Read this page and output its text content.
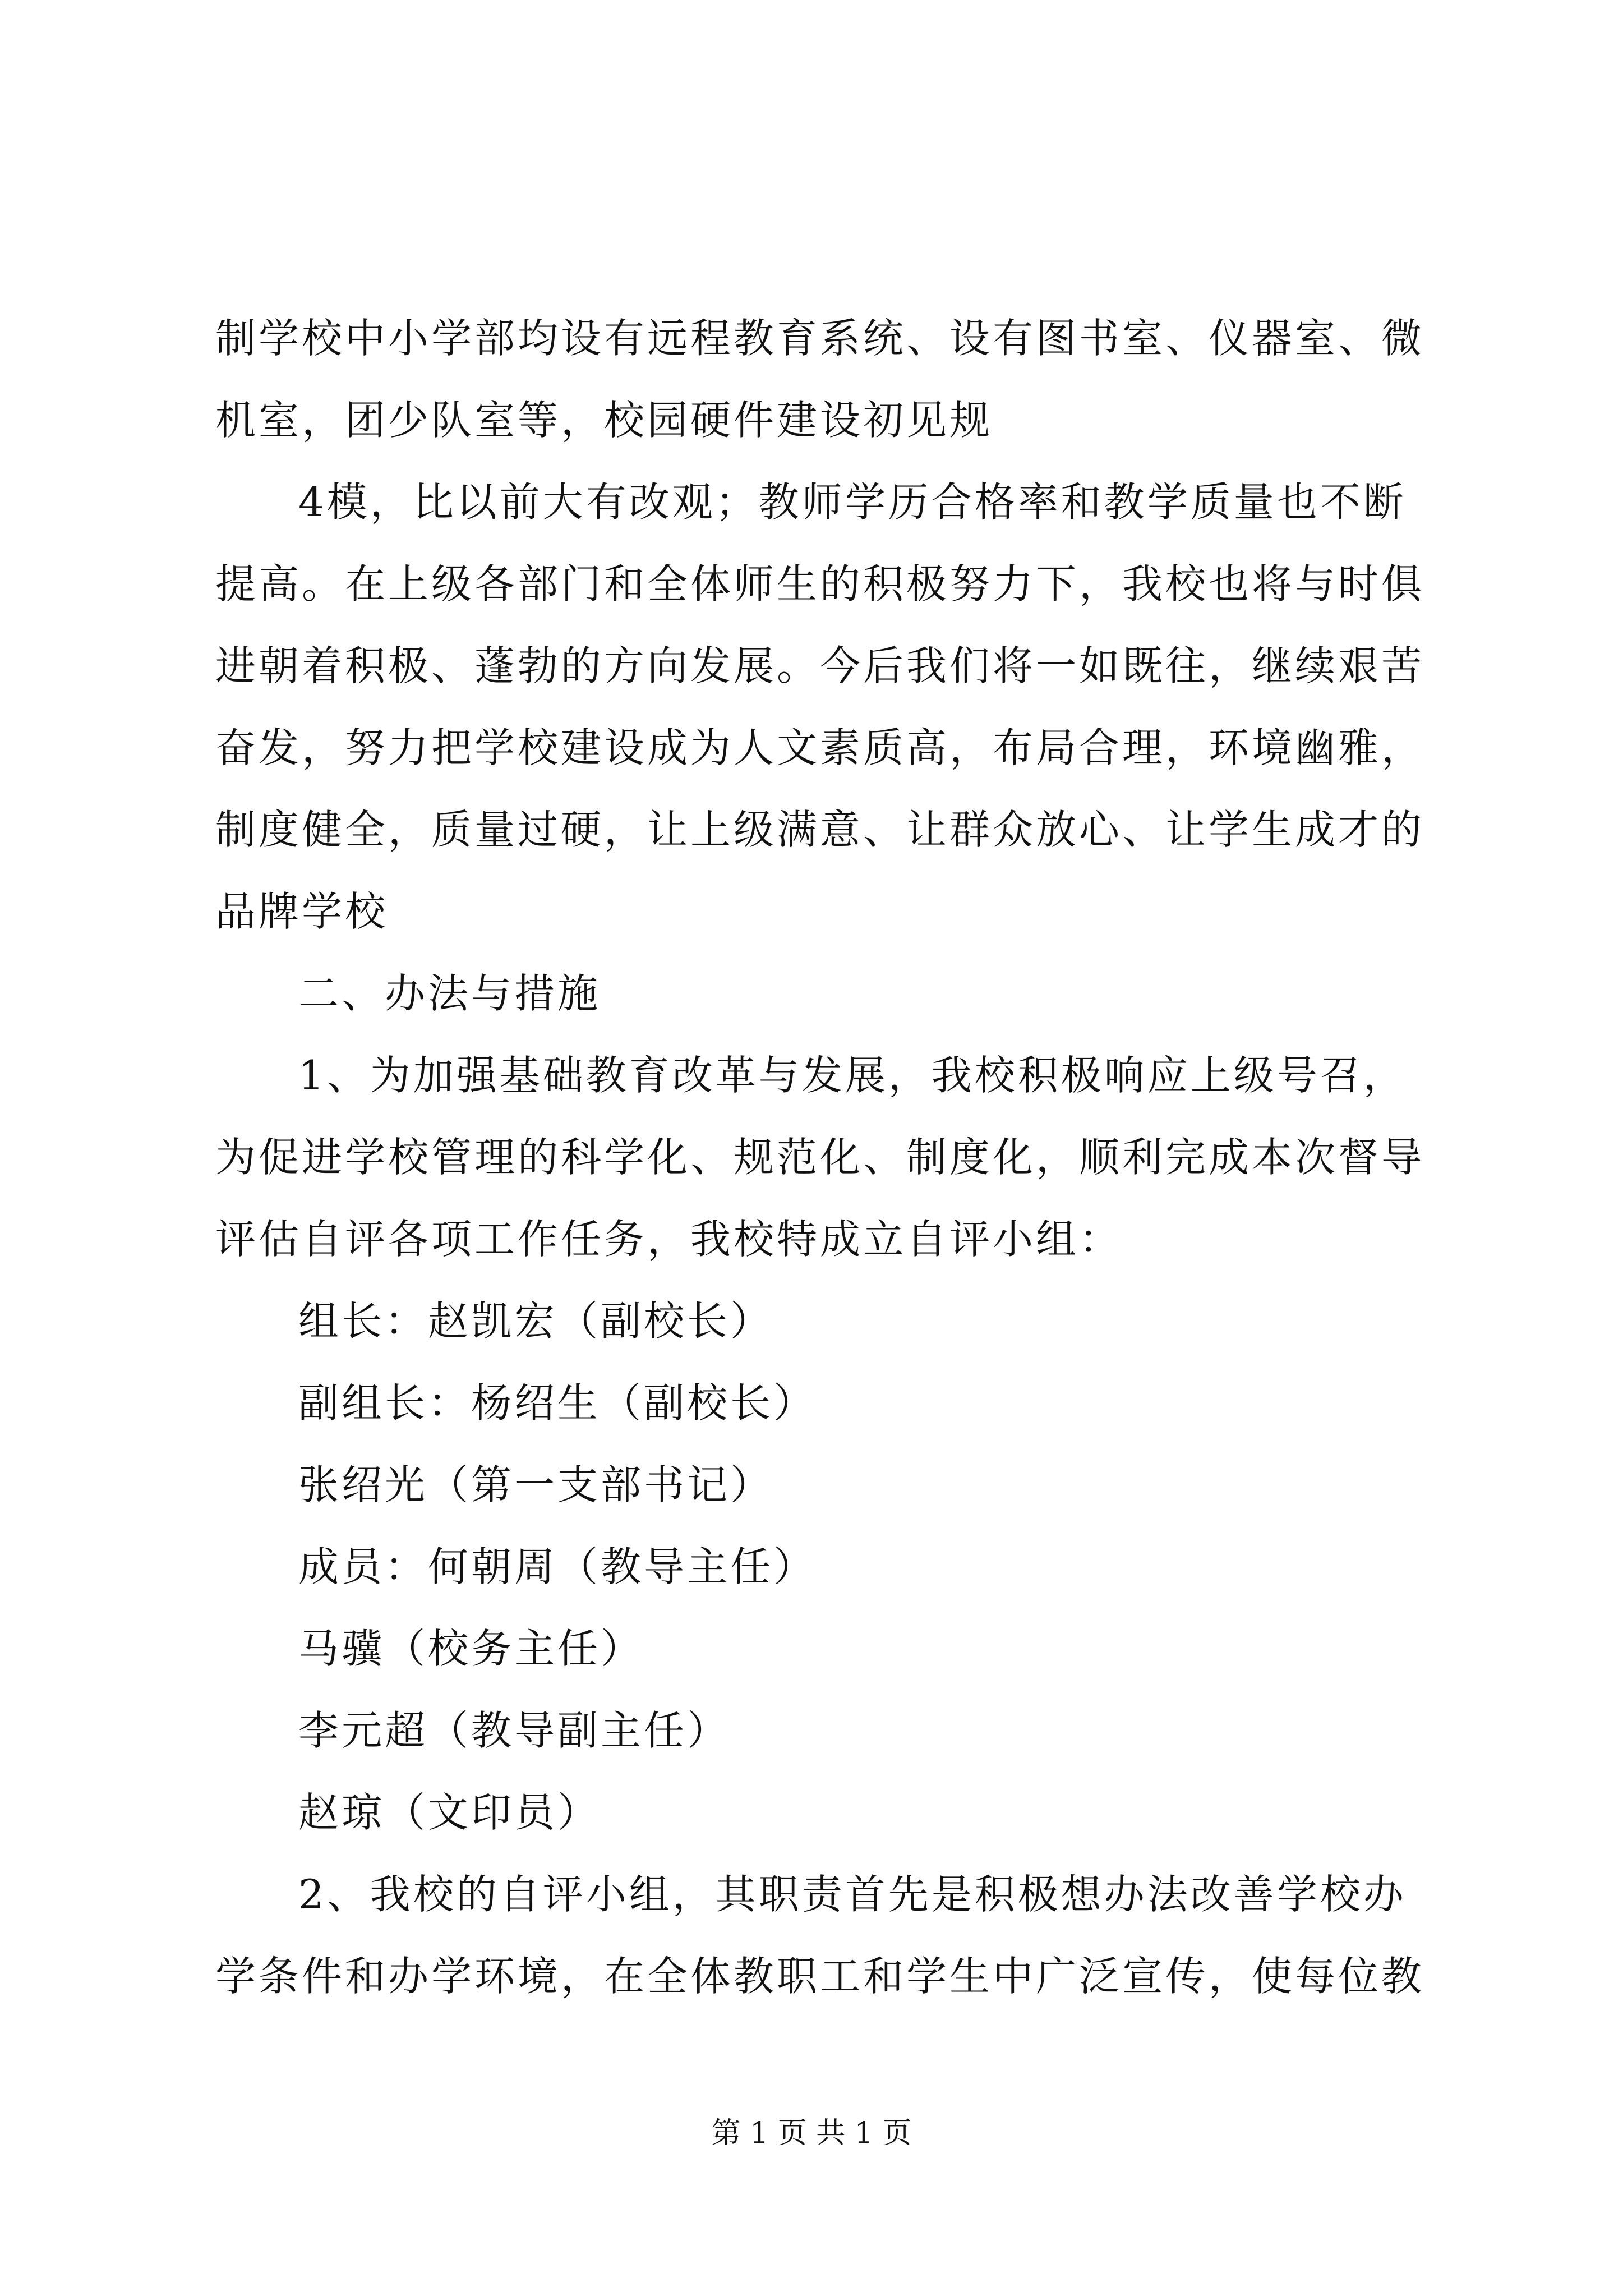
制学校中小学部均设有远程教育系统、设有图书室、仪器室、微机室，团少队室等，校园硬件建设初见规

4模，比以前大有改观；教师学历合格率和教学质量也不断提高。在上级各部门和全体师生的积极努力下，我校也将与时俱进朝着积极、蓬勃的方向发展。今后我们将一如既往，继续艰苦奋发，努力把学校建设成为人文素质高，布局合理，环境幽雅，制度健全，质量过硬，让上级满意、让群众放心、让学生成才的品牌学校

二、办法与措施

1、为加强基础教育改革与发展，我校积极响应上级号召，为促进学校管理的科学化、规范化、制度化，顺利完成本次督导评估自评各项工作任务，我校特成立自评小组：

组长：赵凯宏（副校长）

副组长：杨绍生（副校长）

张绍光（第一支部书记）

成员：何朝周（教导主任）

马骥（校务主任）

李元超（教导副主任）

赵琼（文印员）

2、我校的自评小组，其职责首先是积极想办法改善学校办学条件和办学环境，在全体教职工和学生中广泛宣传，使每位教

第 1 页 共 1 页
